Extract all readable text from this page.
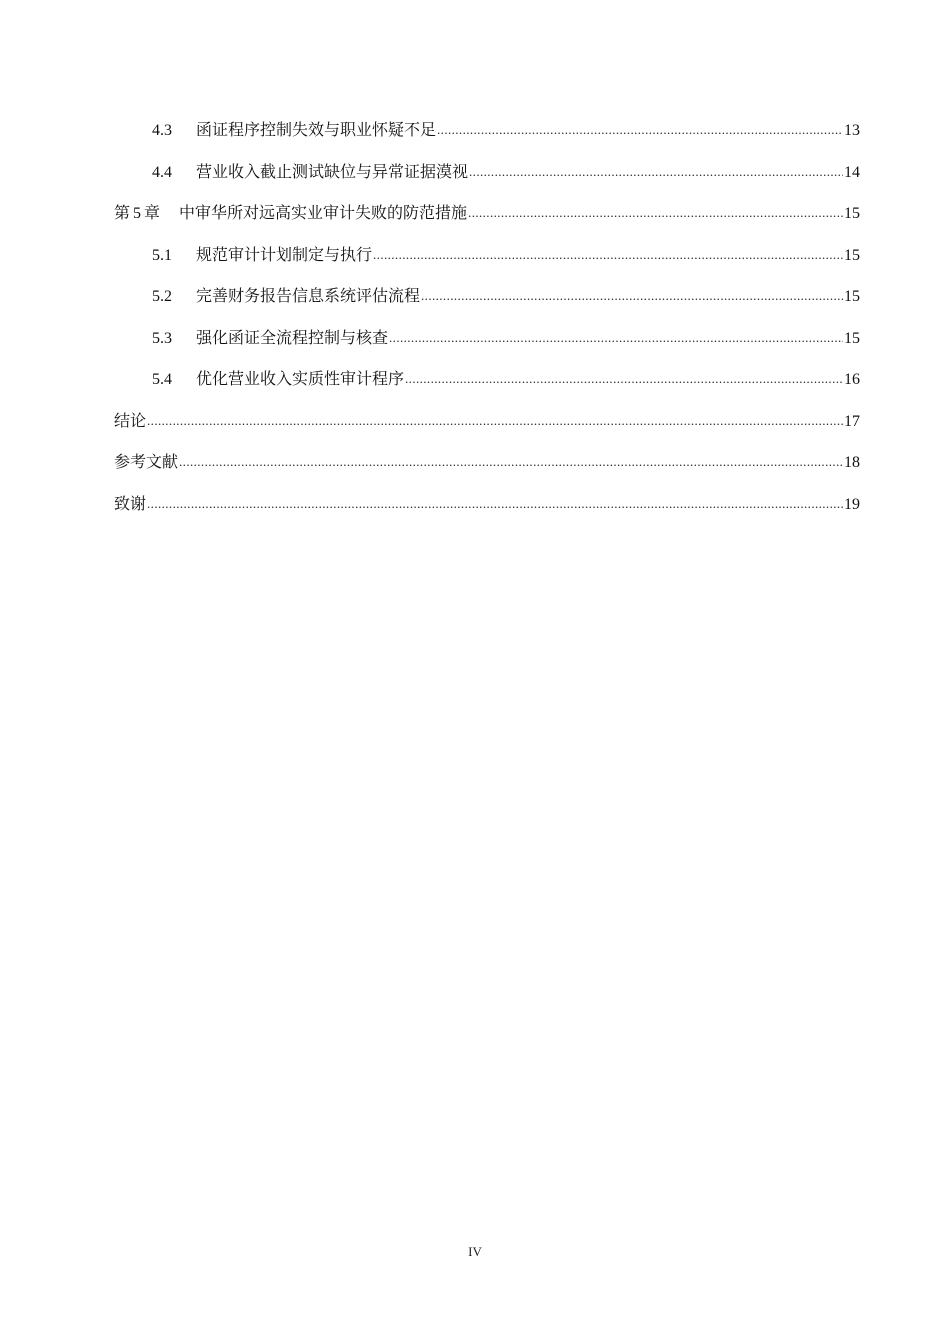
4.3	函证程序控制失效与职业怀疑不足 .....	13
4.4	营业收入截止测试缺位与异常证据漠视 .....	14
第 5 章 中审华所对远高实业审计失败的防范措施 .....	15
5.1	规范审计计划制定与执行 .....	15
5.2	完善财务报告信息系统评估流程 .....	15
5.3	强化函证全流程控制与核查 .....	15
5.4	优化营业收入实质性审计程序 .....	16
结论 .....	17
参考文献 .....	18
致谢 .....	19
IV
